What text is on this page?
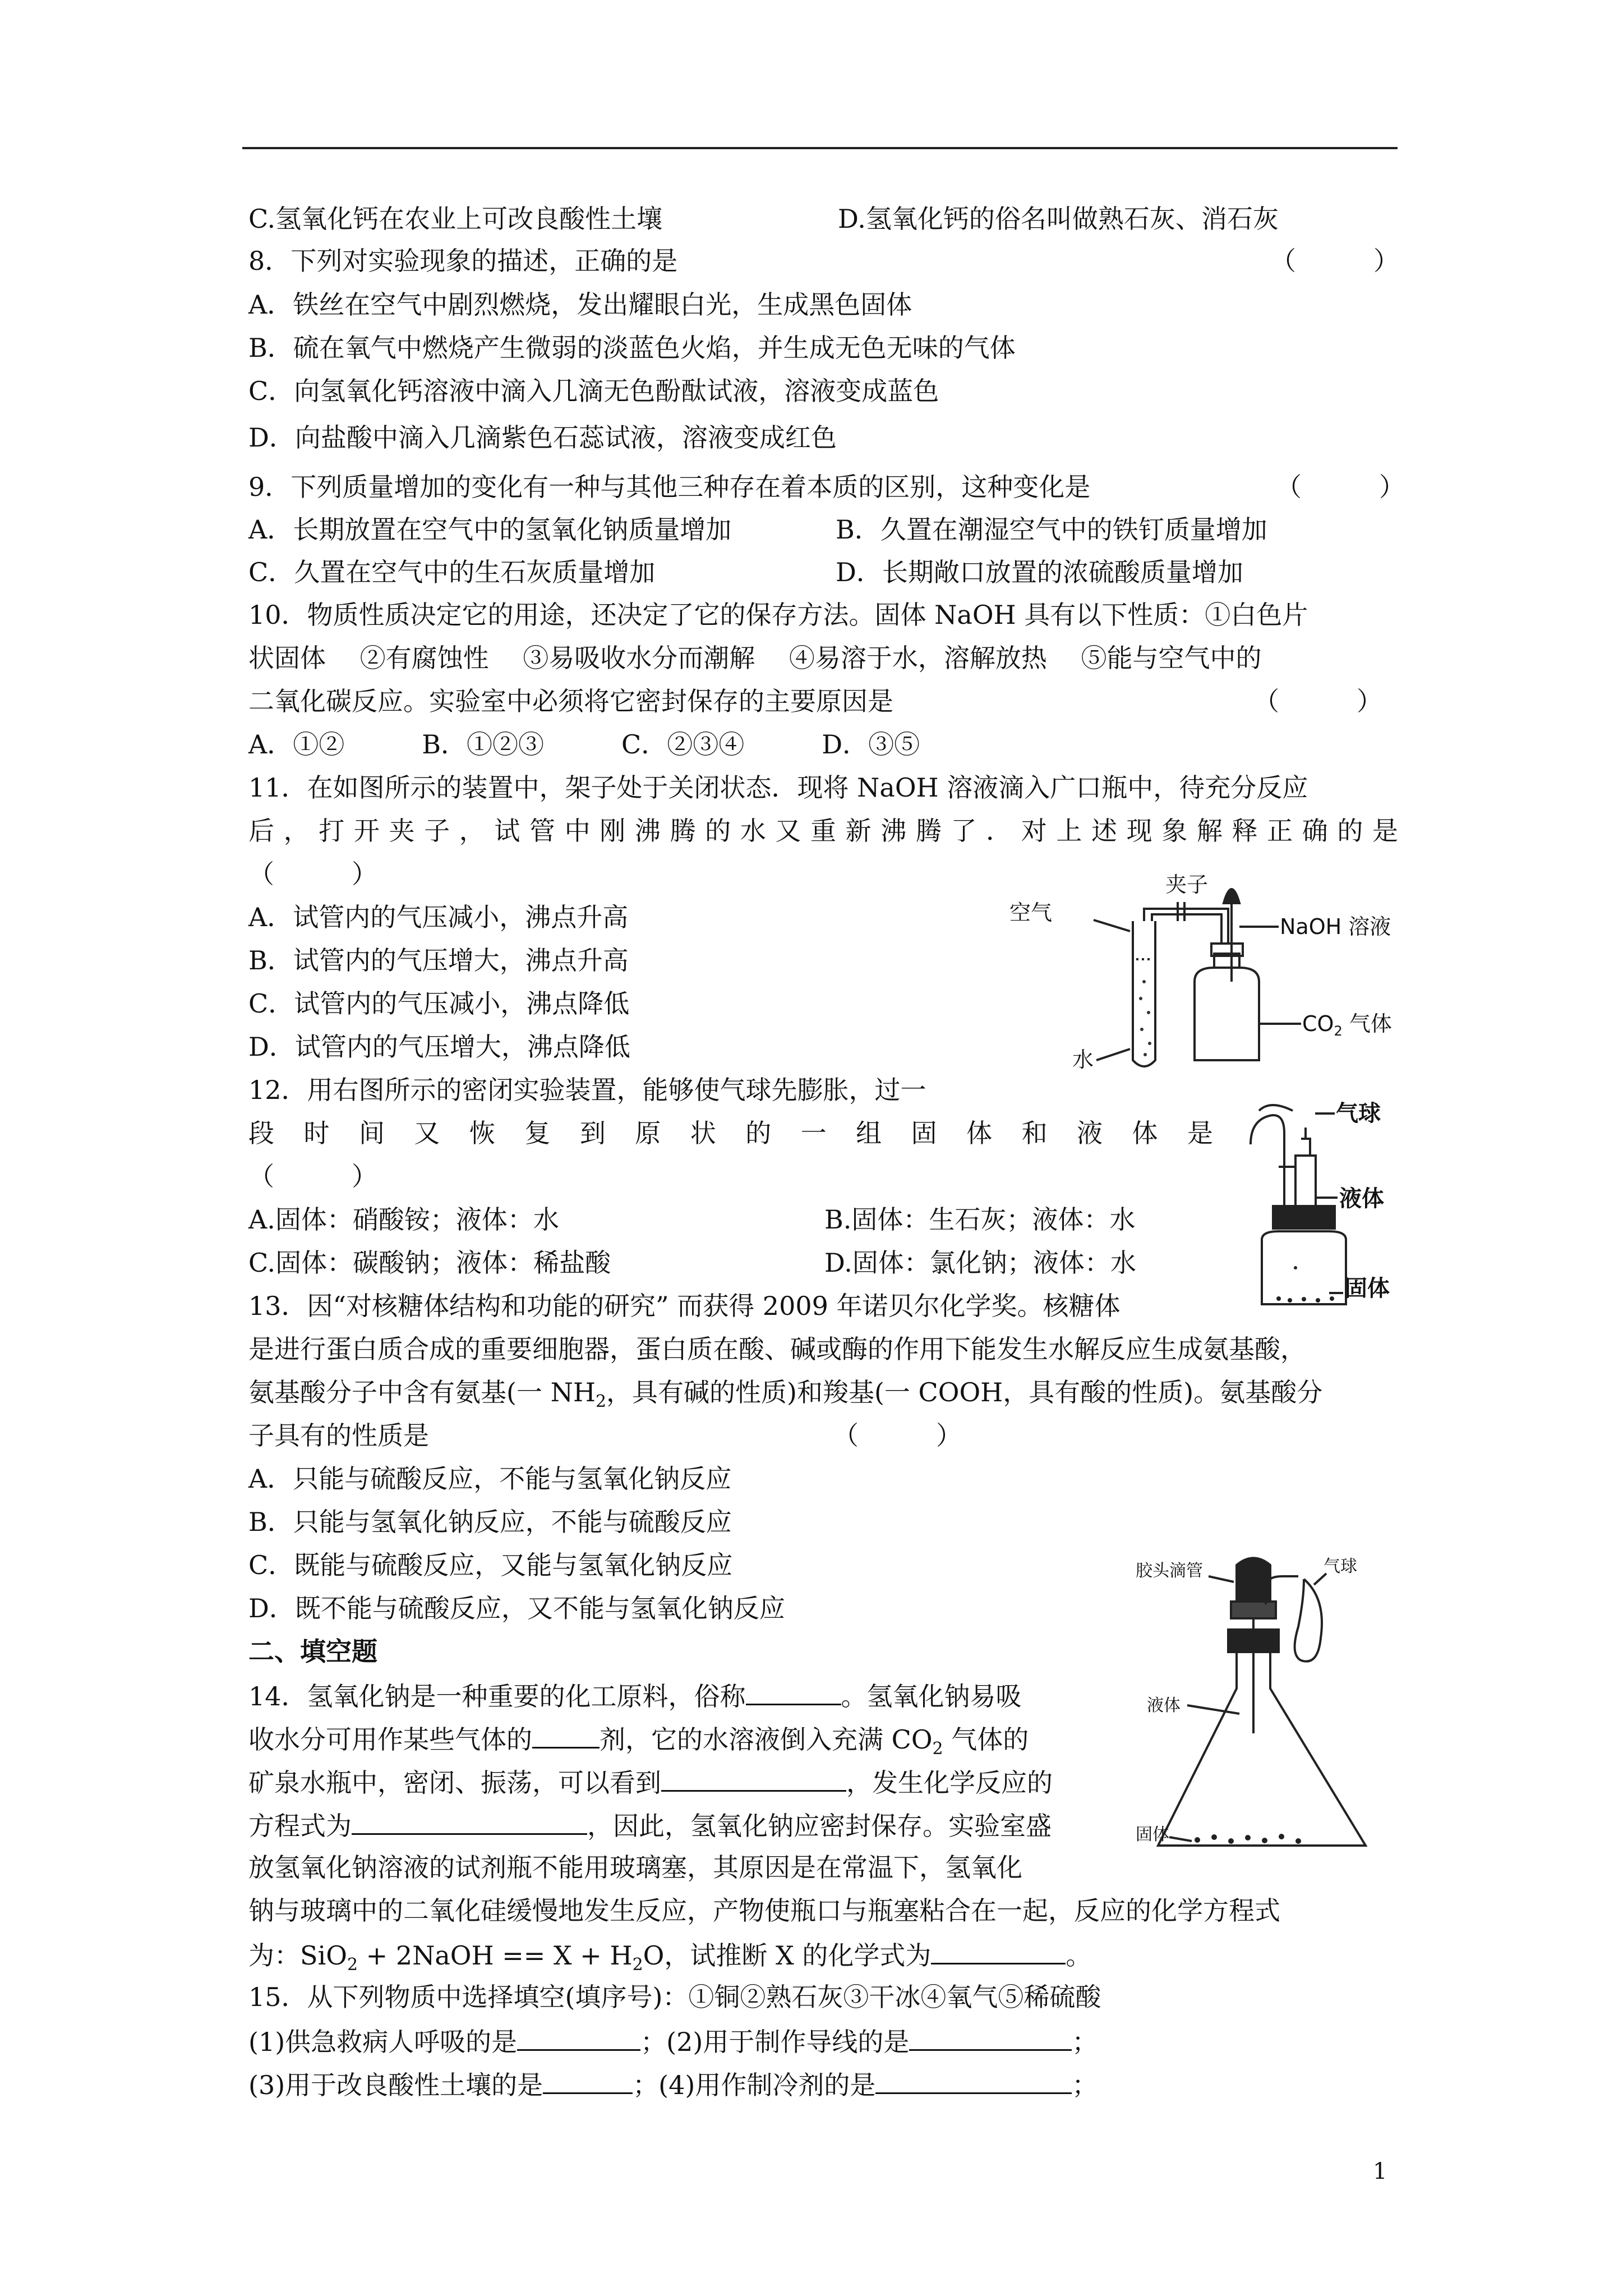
C.氢氧化钙在农业上可改良酸性土壤	D.氢氧化钙的俗名叫做熟石灰、消石灰
8．下列对实验现象的描述，正确的是	（　　　）
A．铁丝在空气中剧烈燃烧，发出耀眼白光，生成黑色固体
B．硫在氧气中燃烧产生微弱的淡蓝色火焰，并生成无色无味的气体
C．向氢氧化钙溶液中滴入几滴无色酚酞试液，溶液变成蓝色
D．向盐酸中滴入几滴紫色石蕊试液，溶液变成红色
9．下列质量增加的变化有一种与其他三种存在着本质的区别，这种变化是	（　　　）
A．长期放置在空气中的氢氧化钠质量增加	B．久置在潮湿空气中的铁钉质量增加
C．久置在空气中的生石灰质量增加	D．长期敞口放置的浓硫酸质量增加
10．物质性质决定它的用途，还决定了它的保存方法。固体 NaOH 具有以下性质：①白色片
状固体　 ②有腐蚀性　 ③易吸收水分而潮解　 ④易溶于水，溶解放热　 ⑤能与空气中的
二氧化碳反应。实验室中必须将它密封保存的主要原因是	（　　　）
A．①②　　　B．①②③　　　C．②③④　　　D．③⑤
11．在如图所示的装置中，架子处于关闭状态．现将 NaOH 溶液滴入广口瓶中，待充分反应
后，打开夹子，试管中刚沸腾的水又重新沸腾了．对上述现象解释正确的是
（　　　）
A．试管内的气压减小，沸点升高
B．试管内的气压增大，沸点升高
C．试管内的气压减小，沸点降低
D．试管内的气压增大，沸点降低
夹子
空气
NaOH 溶液
水
$CO_2$ 气体
12．用右图所示的密闭实验装置，能够使气球先膨胀，过一
段时间又恢复到原状的一组固体和液体是
（　　　）
A.固体：硝酸铵；液体：水	B.固体：生石灰；液体：水
C.固体：碳酸钠；液体：稀盐酸	D.固体：氯化钠；液体：水
气球
液体
固体
13．因“对核糖体结构和功能的研究” 而获得 2009 年诺贝尔化学奖。核糖体
是进行蛋白质合成的重要细胞器，蛋白质在酸、碱或酶的作用下能发生水解反应生成氨基酸，
氨基酸分子中含有氨基(一 $NH_2$，具有碱的性质)和羧基(一 COOH，具有酸的性质)。氨基酸分
子具有的性质是	（　　　）
A．只能与硫酸反应，不能与氢氧化钠反应
B．只能与氢氧化钠反应，不能与硫酸反应
C．既能与硫酸反应，又能与氢氧化钠反应
D．既不能与硫酸反应，又不能与氢氧化钠反应
二、填空题
14．氢氧化钠是一种重要的化工原料，俗称	。氢氧化钠易吸
收水分可用作某些气体的	剂，它的水溶液倒入充满 $CO_2$ 气体的
矿泉水瓶中，密闭、振荡，可以看到	，发生化学反应的
方程式为	，因此，氢氧化钠应密封保存。实验室盛
放氢氧化钠溶液的试剂瓶不能用玻璃塞，其原因是在常温下，氢氧化
钠与玻璃中的二氧化硅缓慢地发生反应，产物使瓶口与瓶塞粘合在一起，反应的化学方程式
为：SiO$_2$ + 2NaOH == $X + H_2O$，试推断 X 的化学式为	。
胶头滴管	气球
液体
固体
15．从下列物质中选择填空(填序号)：①铜②熟石灰③干冰④氧气⑤稀硫酸
(1)供急救病人呼吸的是	；(2)用于制作导线的是	；
(3)用于改良酸性土壤的是	；(4)用作制冷剂的是	；
1
